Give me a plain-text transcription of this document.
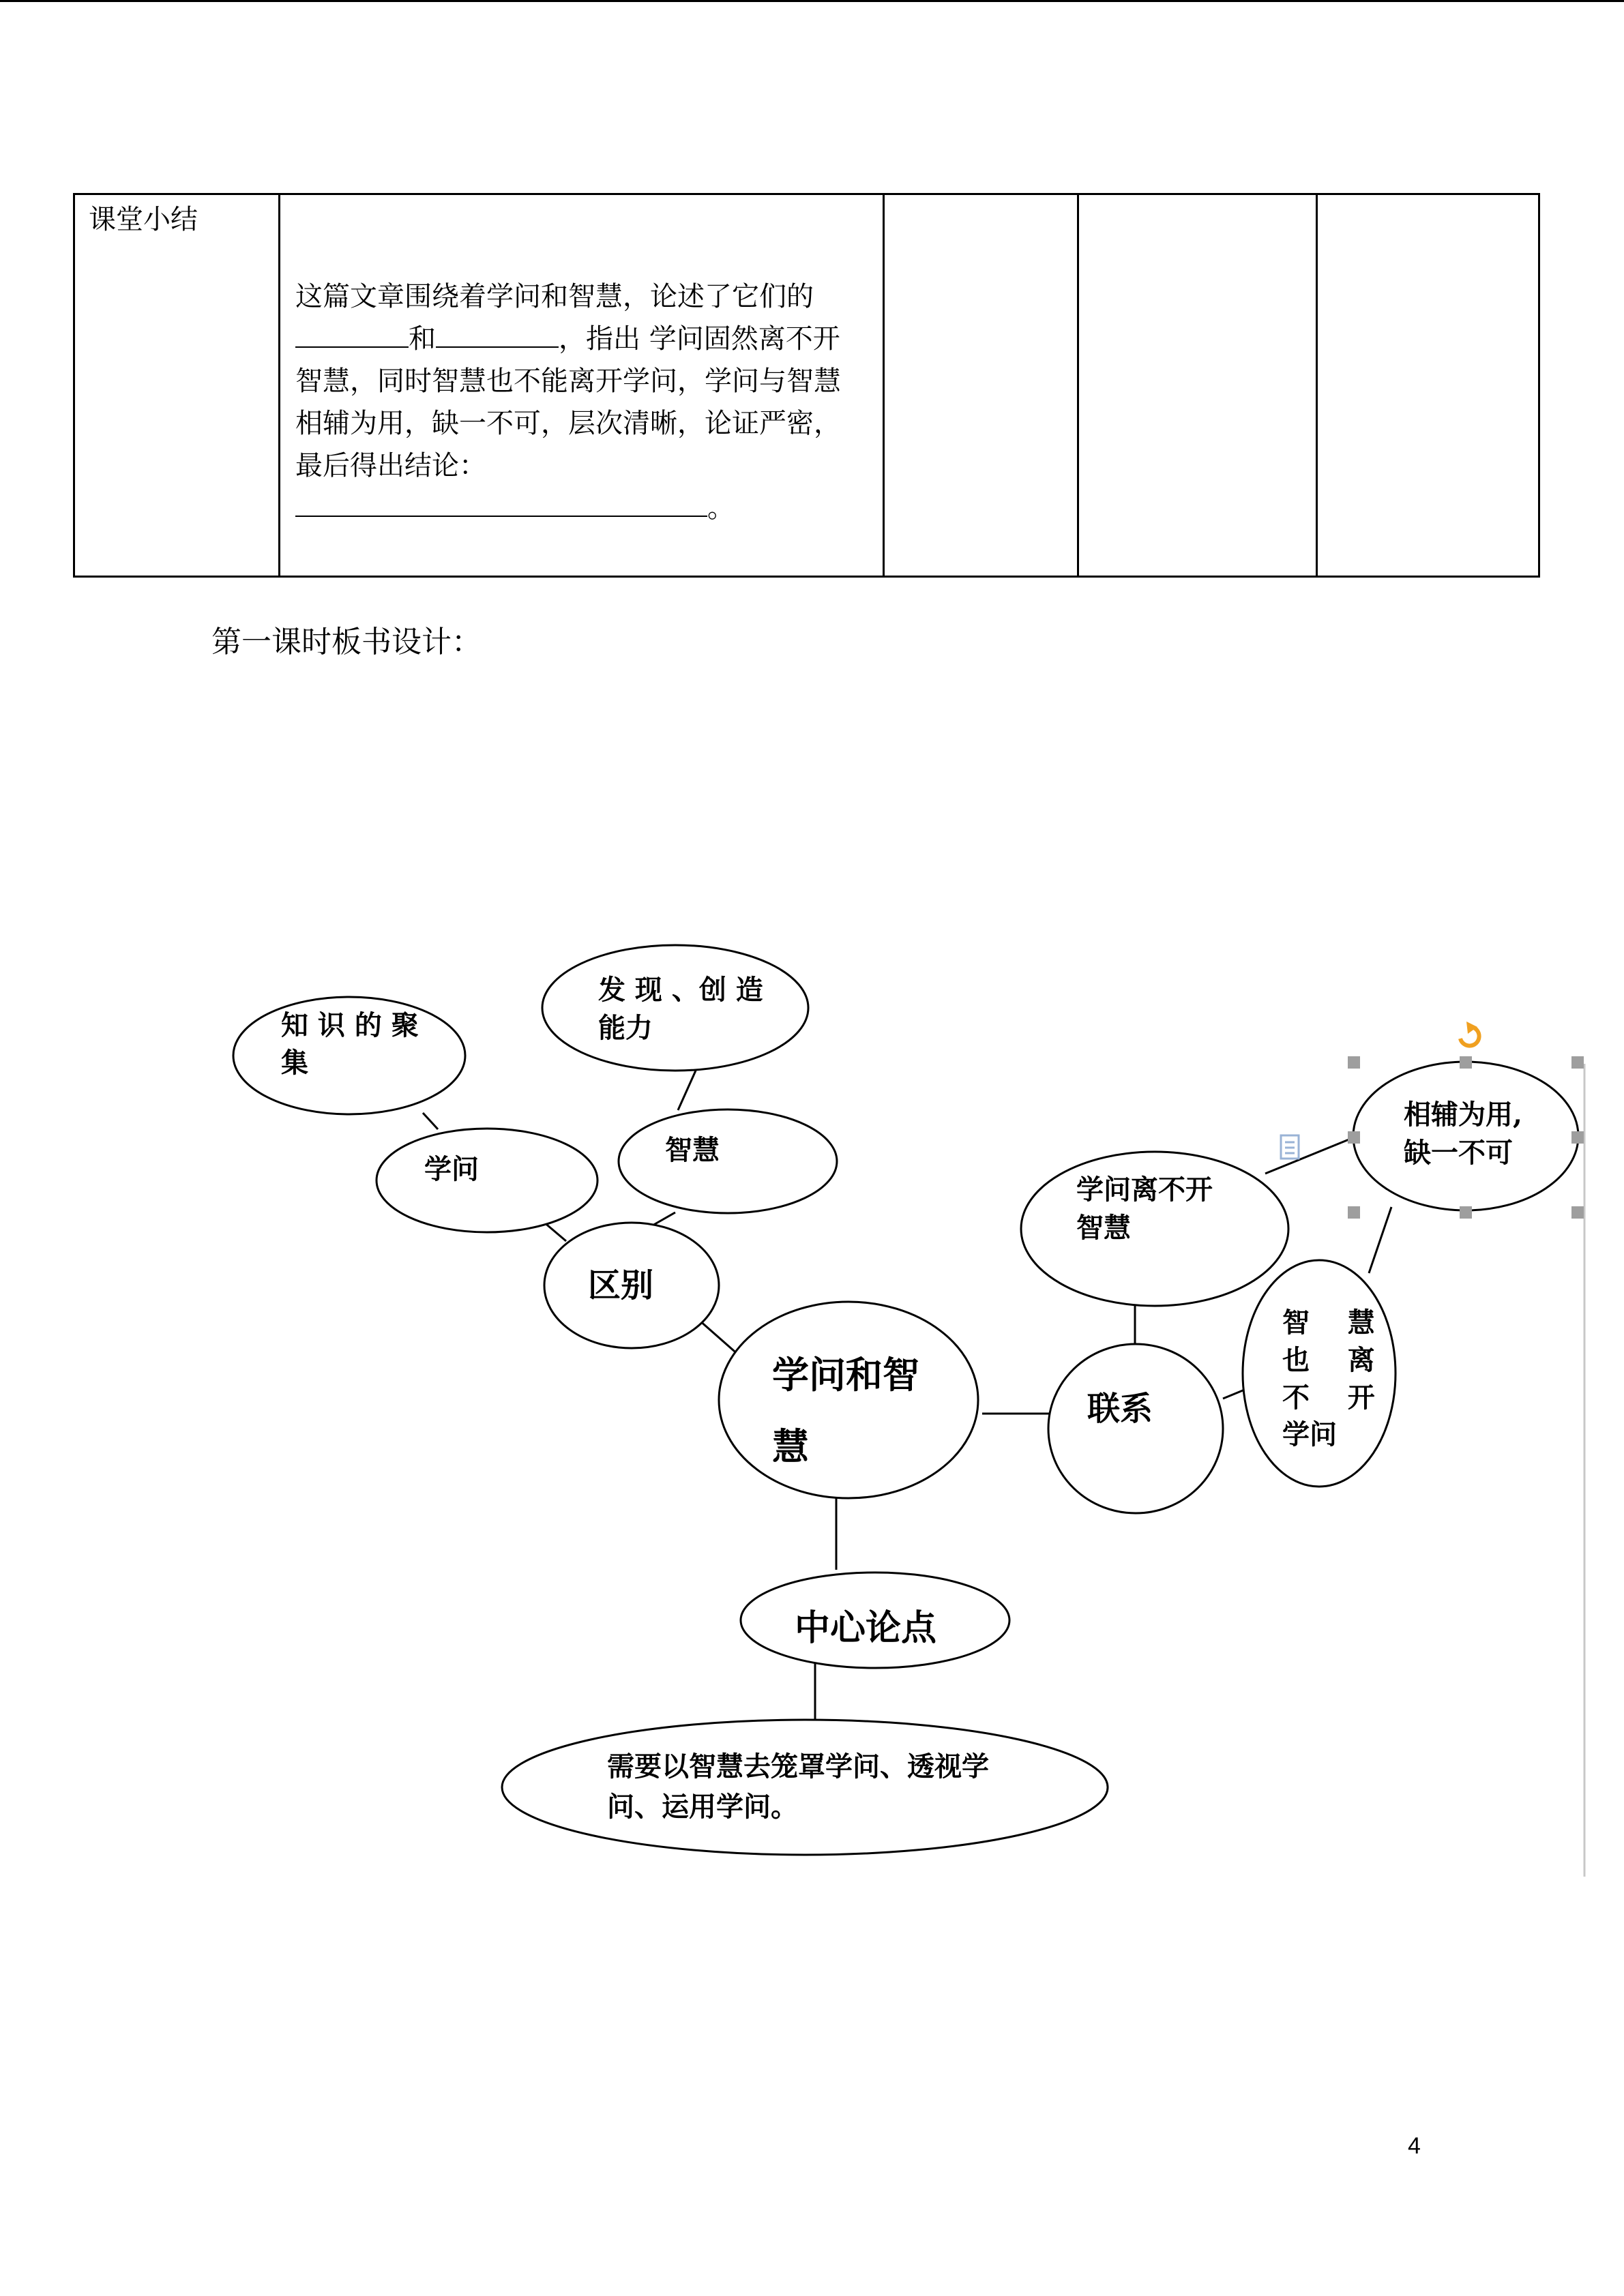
课堂小结	
这篇文章围绕着学问和智慧，论述了它们的
和	，指出 学问固然离不开
智慧，同时智慧也不能离开学问，学问与智慧
相辅为用，缺一不可，层次清晰，论证严密，
最后得出结论：
。

第一课时板书设计：
知 识 的 聚
集
发 现 、创 造
能力
学问
智慧
区别
学问和智
慧
中心论点
需要以智慧去笼罩学问、透视学
问、运用学问。
联系
学问离不开
智慧
智    慧
也    离
不    开
学问
相辅为用,
缺一不可
4
